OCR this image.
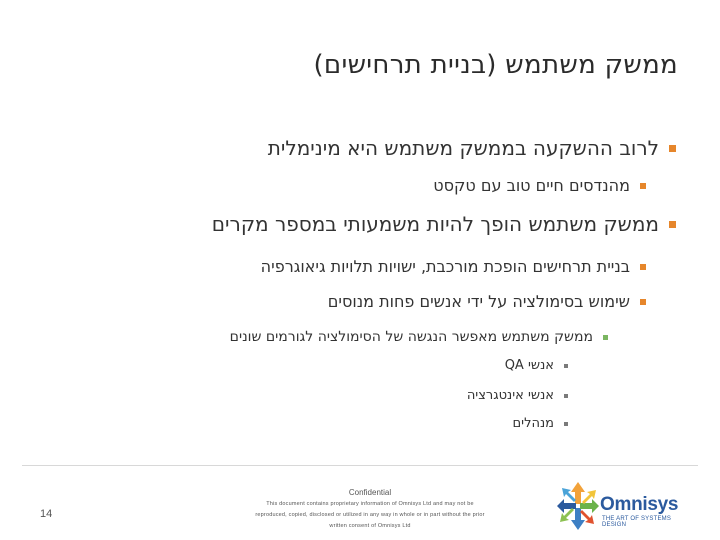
ממשק משתמש (בניית תרחישים)
לרוב ההשקעה בממשק משתמש היא מינימלית
מהנדסים חיים טוב עם טקסט
ממשק משתמש הופך להיות משמעותי במספר מקרים
בניית תרחישים הופכת מורכבת, ישויות תלויות גיאוגרפיה
שימוש בסימולציה על ידי אנשים פחות מנוסים
ממשק משתמש מאפשר הנגשה של הסימולציה לגורמים שונים
אנשי QA
אנשי אינטגרציה
מנהלים
14
Confidential
This document contains proprietary information of Omnisys Ltd and may not be
reproduced, copied, disclosed or utilized in any way in whole or in part without the prior
written consent of Omnisys Ltd
Omnisys
THE ART OF SYSTEMS DESIGN
